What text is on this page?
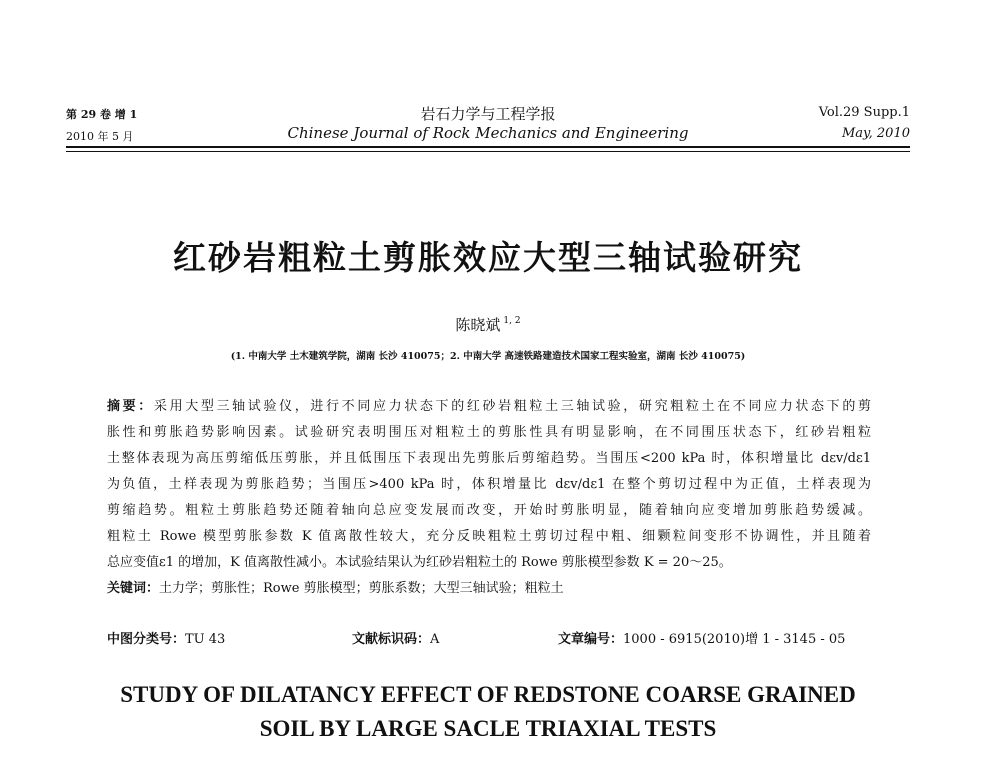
第 29 卷 增 1
2010 年 5 月
岩石力学与工程学报
Chinese Journal of Rock Mechanics and Engineering
Vol.29 Supp.1
May, 2010
红砂岩粗粒土剪胀效应大型三轴试验研究
陈晓斌 $^{1, 2}$
(1. 中南大学 土木建筑学院，湖南 长沙 410075；2. 中南大学 高速铁路建造技术国家工程实验室，湖南 长沙 410075)
摘要：采用大型三轴试验仪，进行不同应力状态下的红砂岩粗粒土三轴试验，研究粗粒土在不同应力状态下的剪
胀性和剪胀趋势影响因素。试验研究表明围压对粗粒土的剪胀性具有明显影响，在不同围压状态下，红砂岩粗粒
土整体表现为高压剪缩低压剪胀，并且低围压下表现出先剪胀后剪缩趋势。当围压<200 kPa 时，体积增量比 dεv/dε1
为负值，土样表现为剪胀趋势；当围压>400 kPa 时，体积增量比 dεv/dε1 在整个剪切过程中为正值，土样表现为
剪缩趋势。粗粒土剪胀趋势还随着轴向总应变发展而改变，开始时剪胀明显，随着轴向应变增加剪胀趋势缓减。
粗粒土 Rowe 模型剪胀参数 K 值离散性较大，充分反映粗粒土剪切过程中粗、细颗粒间变形不协调性，并且随着
总应变值ε1 的增加，K 值离散性减小。本试验结果认为红砂岩粗粒土的 Rowe 剪胀模型参数 K = 20～25。
关键词：土力学；剪胀性；Rowe 剪胀模型；剪胀系数；大型三轴试验；粗粒土
中图分类号：TU 43	文献标识码：A	文章编号：1000 - 6915(2010)增 1 - 3145 - 05
STUDY OF DILATANCY EFFECT OF REDSTONE COARSE GRAINED
SOIL BY LARGE SACLE TRIAXIAL TESTS
